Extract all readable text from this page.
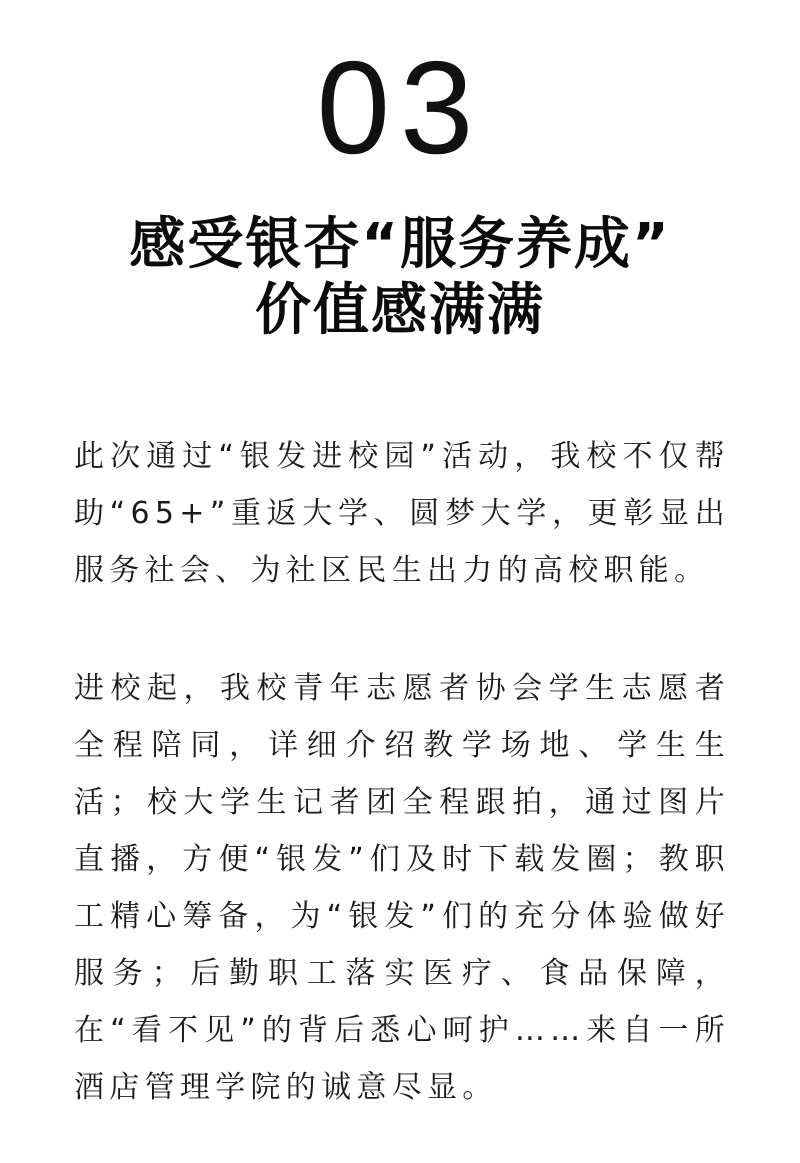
03
感受银杏“服务养成”
价值感满满
此次通过“银发进校园”活动，我校不仅帮助“65+”重返大学、圆梦大学，更彰显出服务社会、为社区民生出力的高校职能。
进校起，我校青年志愿者协会学生志愿者全程陪同，详细介绍教学场地、学生生活；校大学生记者团全程跟拍，通过图片直播，方便“银发”们及时下载发圈；教职工精心筹备，为“银发”们的充分体验做好服务；后勤职工落实医疗、食品保障，在“看不见”的背后悉心呵护……来自一所酒店管理学院的诚意尽显。
